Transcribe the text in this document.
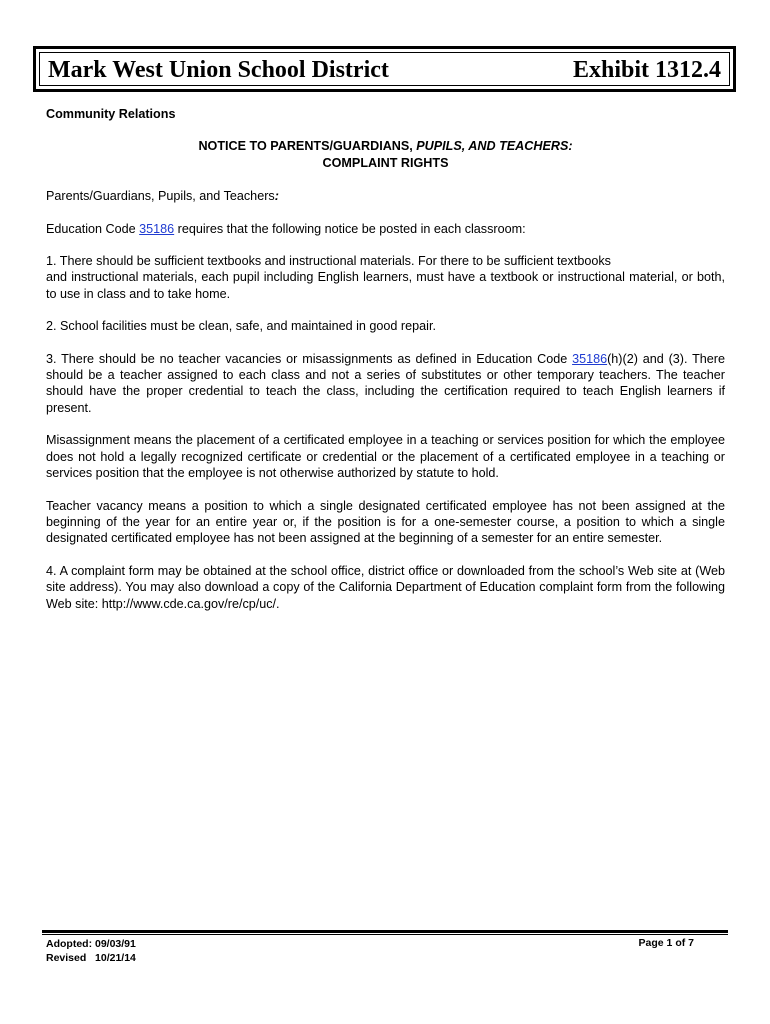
Mark West Union School District	Exhibit 1312.4
Community Relations
NOTICE TO PARENTS/GUARDIANS, PUPILS, AND TEACHERS:
COMPLAINT RIGHTS

Parents/Guardians, Pupils, and Teachers:

Education Code 35186 requires that the following notice be posted in each classroom:

1. There should be sufficient textbooks and instructional materials. For there to be sufficient textbooks

and instructional materials, each pupil including English learners, must have a textbook or instructional material, or both, to use in class and to take home.

2. School facilities must be clean, safe, and maintained in good repair.

3. There should be no teacher vacancies or misassignments as defined in Education Code 35186(h)(2) and (3). There should be a teacher assigned to each class and not a series of substitutes or other temporary teachers. The teacher should have the proper credential to teach the class, including the certification required to teach English learners if present.

Misassignment means the placement of a certificated employee in a teaching or services position for which the employee does not hold a legally recognized certificate or credential or the placement of a certificated employee in a teaching or services position that the employee is not otherwise authorized by statute to hold.

Teacher vacancy means a position to which a single designated certificated employee has not been assigned at the beginning of the year for an entire year or, if the position is for a one-semester course, a position to which a single designated certificated employee has not been assigned at the beginning of a semester for an entire semester.

4. A complaint form may be obtained at the school office, district office or downloaded from the school’s Web site at (Web site address). You may also download a copy of the California Department of Education complaint form from the following Web site: http://www.cde.ca.gov/re/cp/uc/.

Adopted: 09/03/91
Revised   10/21/14
Page 1 of 7
